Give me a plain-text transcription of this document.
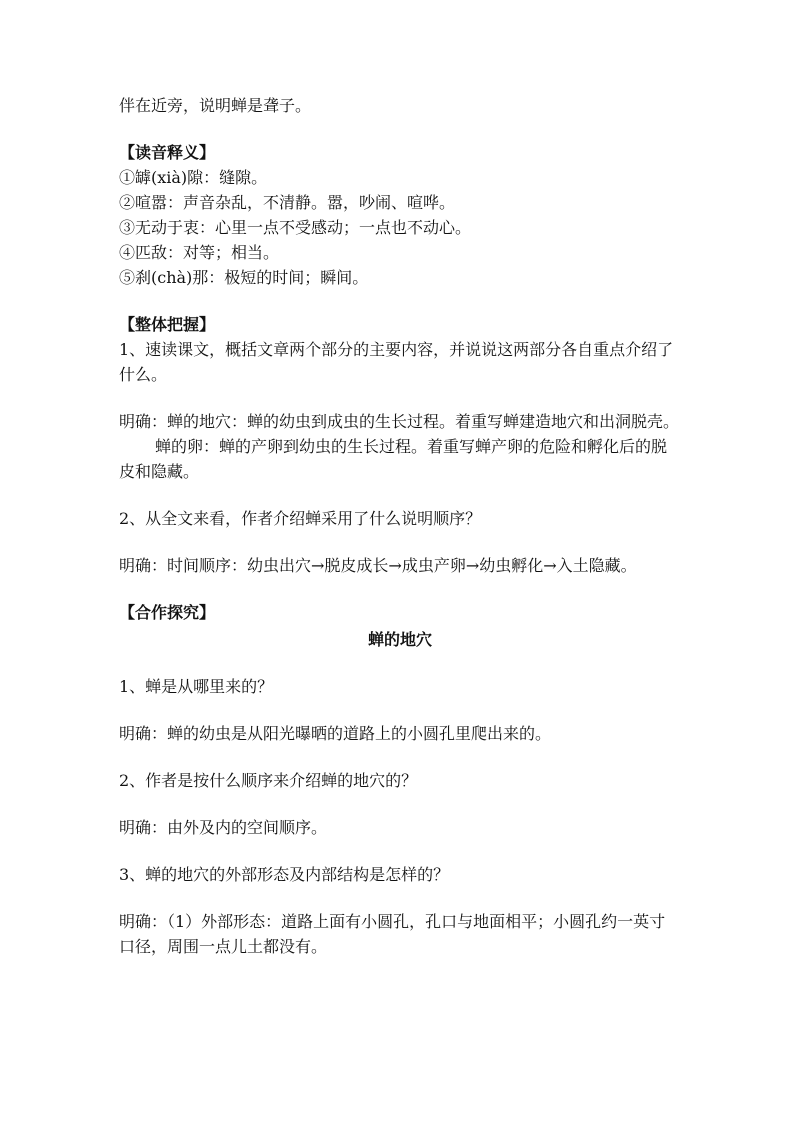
伴在近旁，说明蝉是聋子。

【读音释义】

①罅(xià)隙：缝隙。

②喧嚣：声音杂乱，不清静。嚣，吵闹、喧哗。

③无动于衷：心里一点不受感动；一点也不动心。

④匹敌：对等；相当。

⑤刹(chà)那：极短的时间；瞬间。

【整体把握】

1、速读课文，概括文章两个部分的主要内容，并说说这两部分各自重点介绍了什么。

明确：蝉的地穴：蝉的幼虫到成虫的生长过程。着重写蝉建造地穴和出洞脱壳。

蝉的卵：蝉的产卵到幼虫的生长过程。着重写蝉产卵的危险和孵化后的脱皮和隐藏。

2、从全文来看，作者介绍蝉采用了什么说明顺序？

明确：时间顺序：幼虫出穴→脱皮成长→成虫产卵→幼虫孵化→入土隐藏。

【合作探究】

蝉的地穴

1、蝉是从哪里来的？

明确：蝉的幼虫是从阳光曝晒的道路上的小圆孔里爬出来的。

2、作者是按什么顺序来介绍蝉的地穴的？

明确：由外及内的空间顺序。

3、蝉的地穴的外部形态及内部结构是怎样的？

明确：（1）外部形态：道路上面有小圆孔，孔口与地面相平；小圆孔约一英寸口径，周围一点儿土都没有。
